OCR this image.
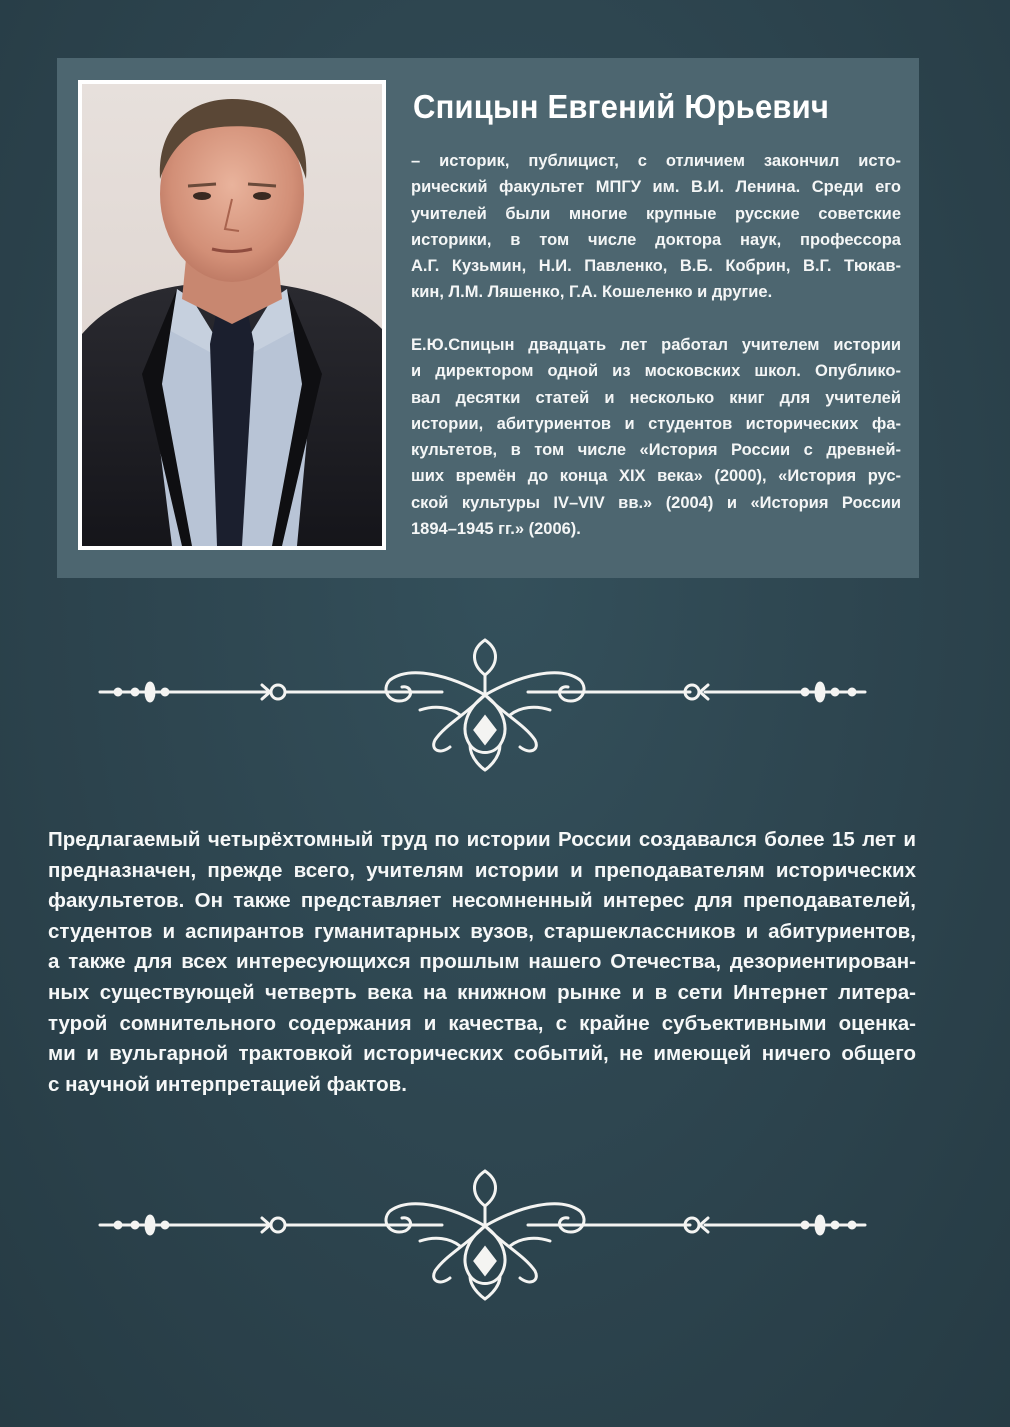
Спицын Евгений Юрьевич
– историк, публицист, с отличием закончил исто-
рический факультет МПГУ им. В.И. Ленина. Среди его
учителей были многие крупные русские советские
историки, в том числе доктора наук, профессора
А.Г. Кузьмин, Н.И. Павленко, В.Б. Кобрин, В.Г. Тюкав-
кин, Л.М. Ляшенко, Г.А. Кошеленко и другие.
Е.Ю.Спицын двадцать лет работал учителем истории
и директором одной из московских школ. Опублико-
вал десятки статей и несколько книг для учителей
истории, абитуриентов и студентов исторических фа-
культетов, в том числе «История России с древней-
ших времён до конца XIX века» (2000), «История рус-
ской культуры IV–VIV вв.» (2004) и «История России
1894–1945 гг.» (2006).
Предлагаемый четырёхтомный труд по истории России создавался более 15 лет и
предназначен, прежде всего, учителям истории и преподавателям исторических
факультетов. Он также представляет несомненный интерес для преподавателей,
студентов и аспирантов гуманитарных вузов, старшеклассников и абитуриентов,
а также для всех интересующихся прошлым нашего Отечества, дезориентирован-
ных существующей четверть века на книжном рынке и в сети Интернет литера-
турой сомнительного содержания и качества, с крайне субъективными оценка-
ми и вульгарной трактовкой исторических событий, не имеющей ничего общего
с научной интерпретацией фактов.
